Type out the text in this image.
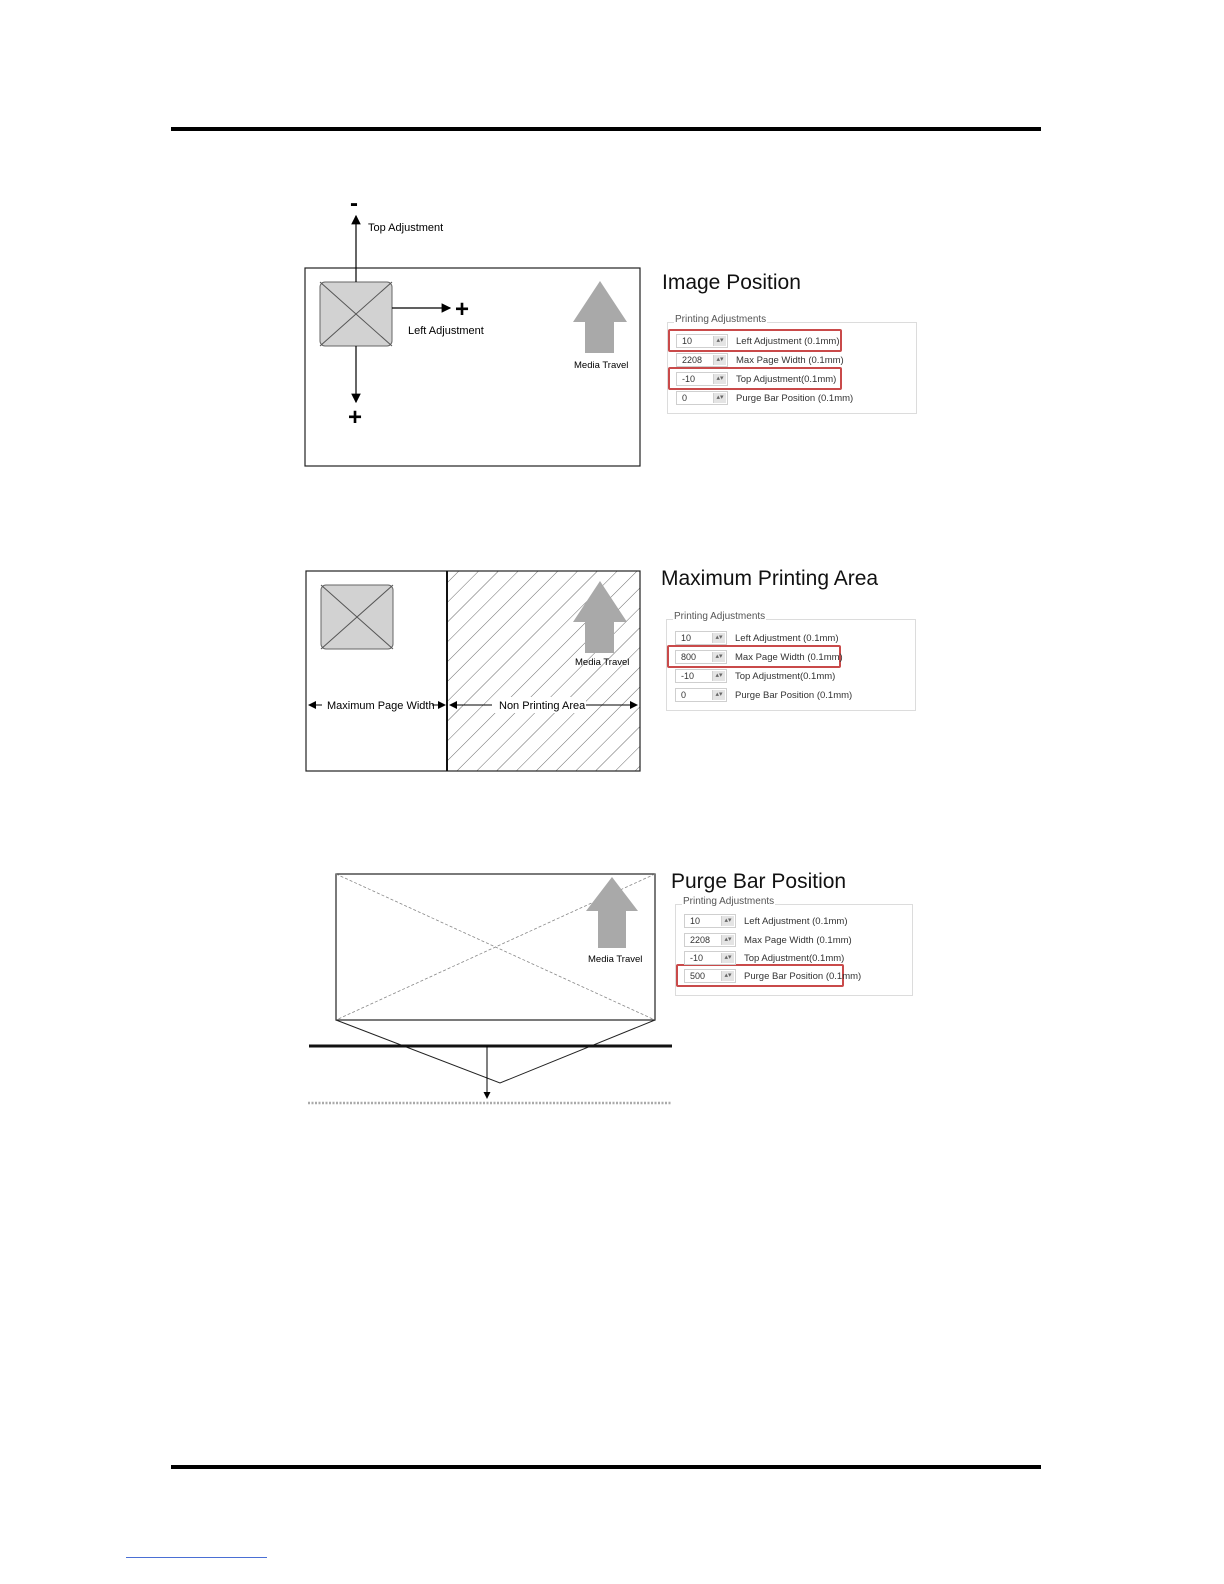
-
Top Adjustment
+
Left Adjustment
+
Media Travel
Media Travel
Maximum Page Width	Non Printing Area
Media Travel
Image Position
Printing Adjustments
10	▴▾ Left Adjustment (0.1mm)
2208	▴▾ Max Page Width (0.1mm)
-10	▴▾ Top Adjustment(0.1mm)
0	▴▾ Purge Bar Position (0.1mm)
Maximum Printing Area
Printing Adjustments
10	▴▾ Left Adjustment (0.1mm)
800	▴▾ Max Page Width (0.1mm)
-10	▴▾ Top Adjustment(0.1mm)
0	▴▾ Purge Bar Position (0.1mm)
Purge Bar Position
Printing Adjustments
10	▴▾ Left Adjustment (0.1mm)
2208	▴▾ Max Page Width (0.1mm)
-10	▴▾ Top Adjustment(0.1mm)
500	▴▾ Purge Bar Position (0.1mm)
